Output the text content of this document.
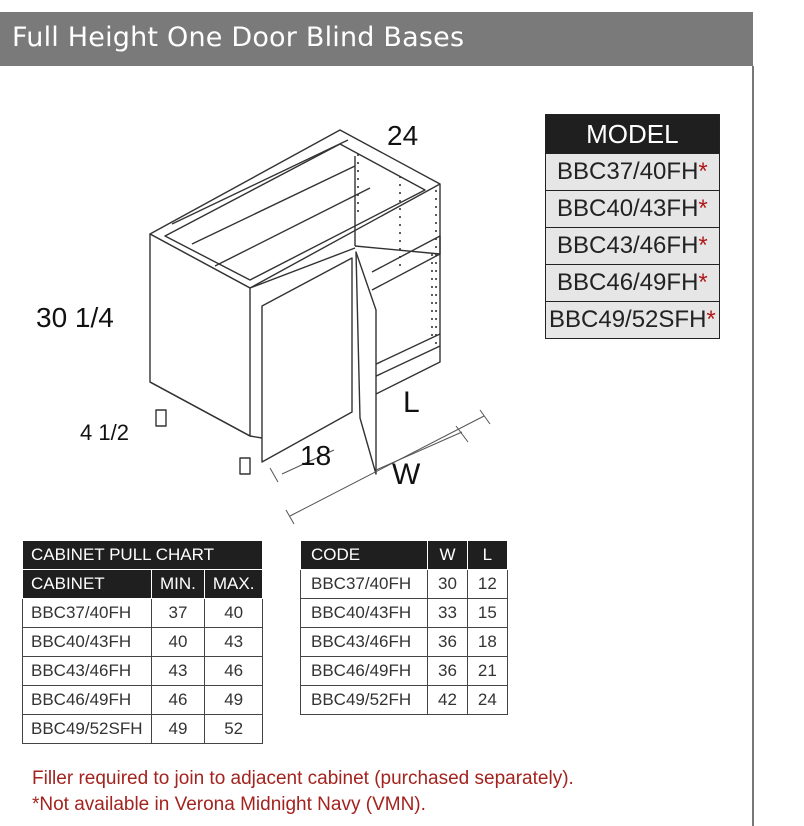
Full Height One Door Blind Bases
24
30 1/4
4 1/2
18
L
W
MODEL
BBC37/40FH*
BBC40/43FH*
BBC43/46FH*
BBC46/49FH*
BBC49/52SFH*
CABINET PULL CHART		
CABINET	MIN.	MAX.
BBC37/40FH	37	40
BBC40/43FH	40	43
BBC43/46FH	43	46
BBC46/49FH	46	49
BBC49/52SFH	49	52
CODE	W	L
BBC37/40FH	30	12
BBC40/43FH	33	15
BBC43/46FH	36	18
BBC46/49FH	36	21
BBC49/52FH	42	24
Filler required to join to adjacent cabinet (purchased separately).
*Not available in Verona Midnight Navy (VMN).
